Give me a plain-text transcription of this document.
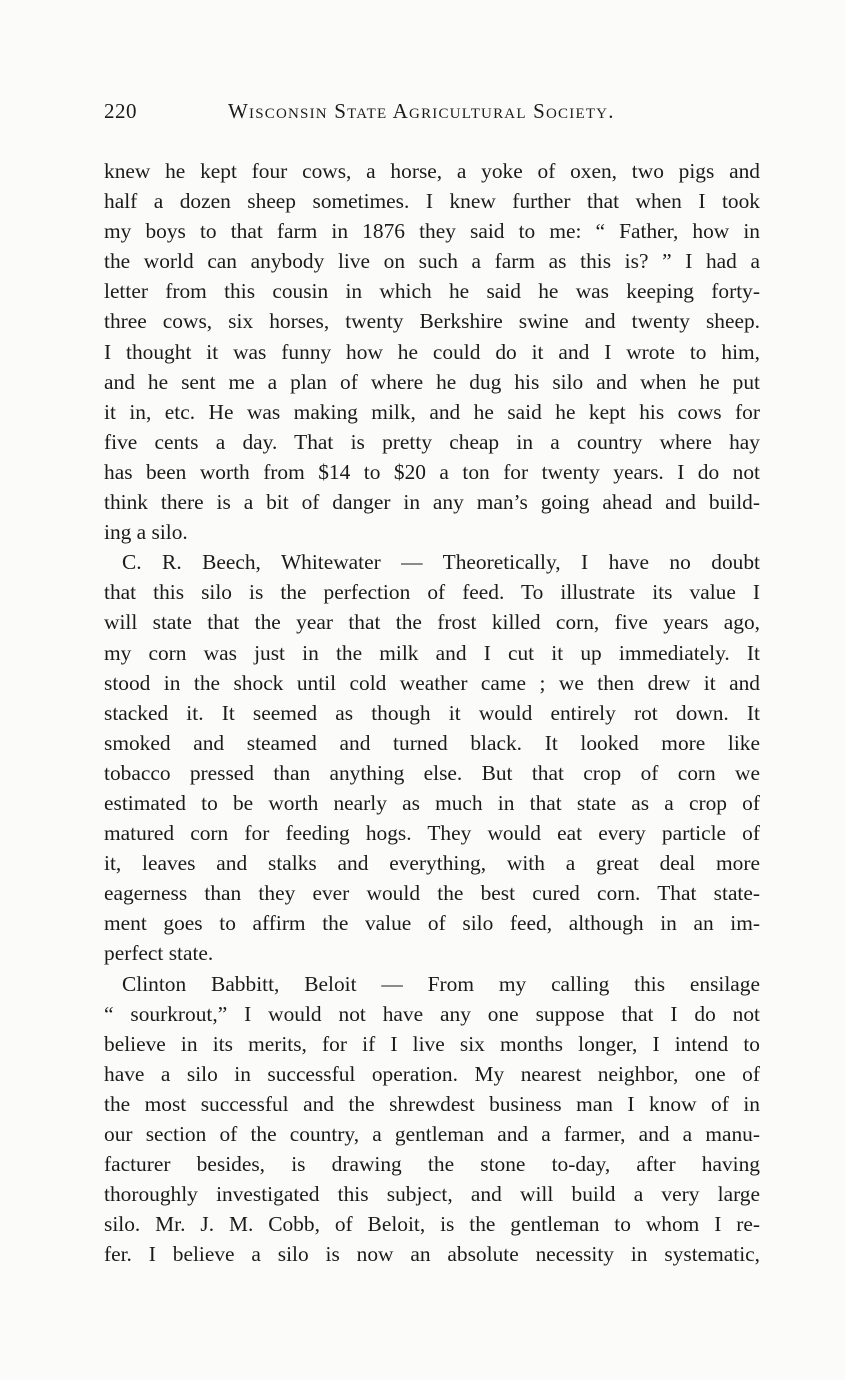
220	Wisconsin State Agricultural Society.

knew he kept four cows, a horse, a yoke of oxen, two pigs and
half a dozen sheep sometimes. I knew further that when I took
my boys to that farm in 1876 they said to me: “ Father, how in
the world can anybody live on such a farm as this is? ” I had a
letter from this cousin in which he said he was keeping forty-
three cows, six horses, twenty Berkshire swine and twenty sheep.
I thought it was funny how he could do it and I wrote to him,
and he sent me a plan of where he dug his silo and when he put
it in, etc. He was making milk, and he said he kept his cows for
five cents a day. That is pretty cheap in a country where hay
has been worth from $14 to $20 a ton for twenty years. I do not
think there is a bit of danger in any man’s going ahead and build-
ing a silo.

C. R. Beech, Whitewater — Theoretically, I have no doubt
that this silo is the perfection of feed. To illustrate its value I
will state that the year that the frost killed corn, five years ago,
my corn was just in the milk and I cut it up immediately. It
stood in the shock until cold weather came ; we then drew it and
stacked it. It seemed as though it would entirely rot down. It
smoked and steamed and turned black. It looked more like
tobacco pressed than anything else. But that crop of corn we
estimated to be worth nearly as much in that state as a crop of
matured corn for feeding hogs. They would eat every particle of
it, leaves and stalks and everything, with a great deal more
eagerness than they ever would the best cured corn. That state-
ment goes to affirm the value of silo feed, although in an im-
perfect state.

Clinton Babbitt, Beloit — From my calling this ensilage
“ sourkrout,” I would not have any one suppose that I do not
believe in its merits, for if I live six months longer, I intend to
have a silo in successful operation. My nearest neighbor, one of
the most successful and the shrewdest business man I know of in
our section of the country, a gentleman and a farmer, and a manu-
facturer besides, is drawing the stone to-day, after having
thoroughly investigated this subject, and will build a very large
silo. Mr. J. M. Cobb, of Beloit, is the gentleman to whom I re-
fer. I believe a silo is now an absolute necessity in systematic,
